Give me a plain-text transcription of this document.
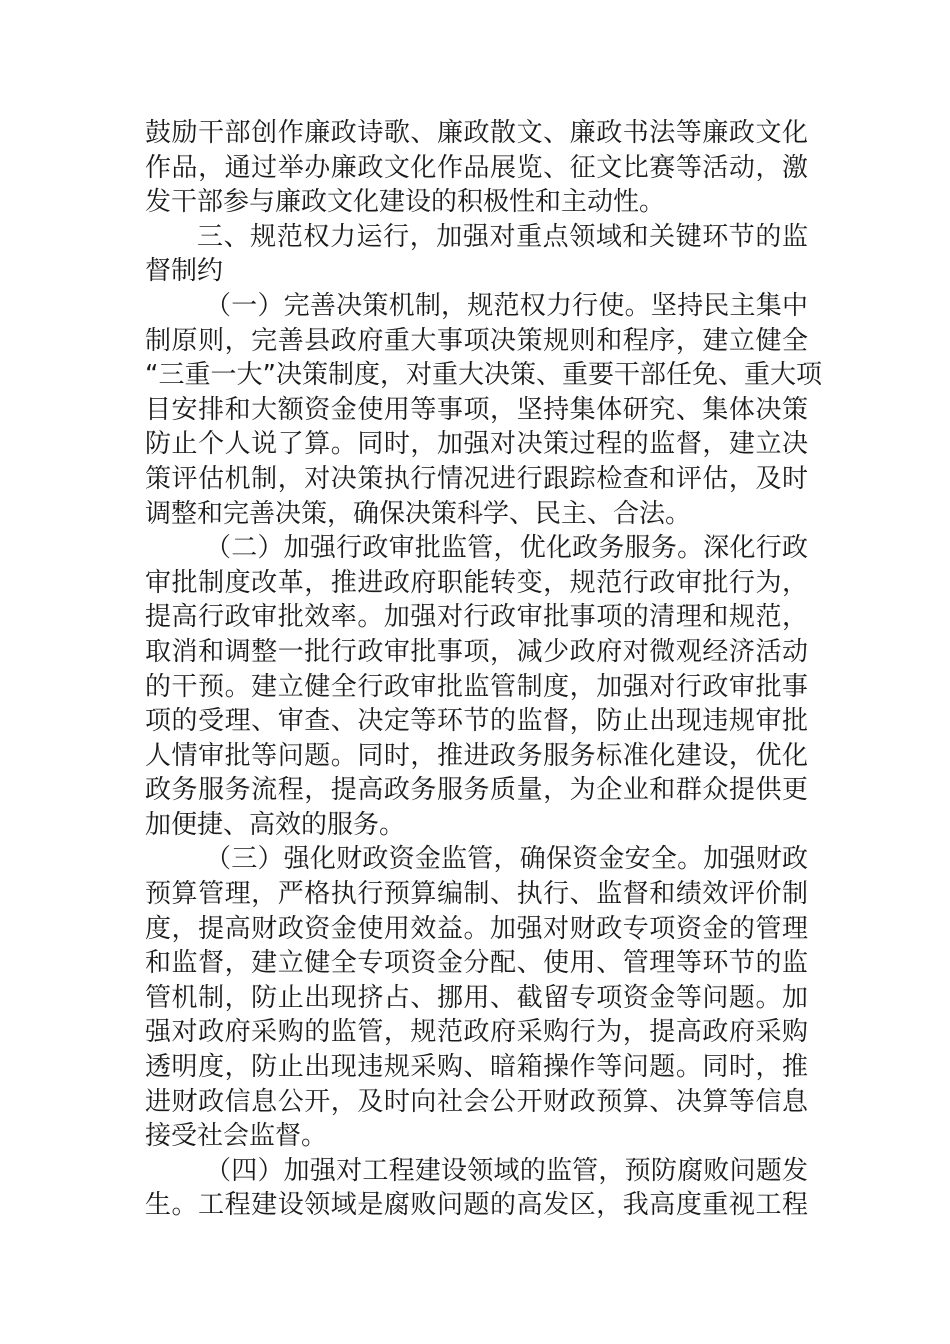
鼓励干部创作廉政诗歌、廉政散文、廉政书法等廉政文化
作品，通过举办廉政文化作品展览、征文比赛等活动，激
发干部参与廉政文化建设的积极性和主动性。
三、规范权力运行，加强对重点领域和关键环节的监
督制约
（一）完善决策机制，规范权力行使。坚持民主集中
制原则，完善县政府重大事项决策规则和程序，建立健全
“三重一大”决策制度，对重大决策、重要干部任免、重大项
目安排和大额资金使用等事项，坚持集体研究、集体决策
防止个人说了算。同时，加强对决策过程的监督，建立决
策评估机制，对决策执行情况进行跟踪检查和评估，及时
调整和完善决策，确保决策科学、民主、合法。
（二）加强行政审批监管，优化政务服务。深化行政
审批制度改革，推进政府职能转变，规范行政审批行为，
提高行政审批效率。加强对行政审批事项的清理和规范，
取消和调整一批行政审批事项，减少政府对微观经济活动
的干预。建立健全行政审批监管制度，加强对行政审批事
项的受理、审查、决定等环节的监督，防止出现违规审批
人情审批等问题。同时，推进政务服务标准化建设，优化
政务服务流程，提高政务服务质量，为企业和群众提供更
加便捷、高效的服务。
（三）强化财政资金监管，确保资金安全。加强财政
预算管理，严格执行预算编制、执行、监督和绩效评价制
度，提高财政资金使用效益。加强对财政专项资金的管理
和监督，建立健全专项资金分配、使用、管理等环节的监
管机制，防止出现挤占、挪用、截留专项资金等问题。加
强对政府采购的监管，规范政府采购行为，提高政府采购
透明度，防止出现违规采购、暗箱操作等问题。同时，推
进财政信息公开，及时向社会公开财政预算、决算等信息
接受社会监督。
（四）加强对工程建设领域的监管，预防腐败问题发
生。工程建设领域是腐败问题的高发区，我高度重视工程
